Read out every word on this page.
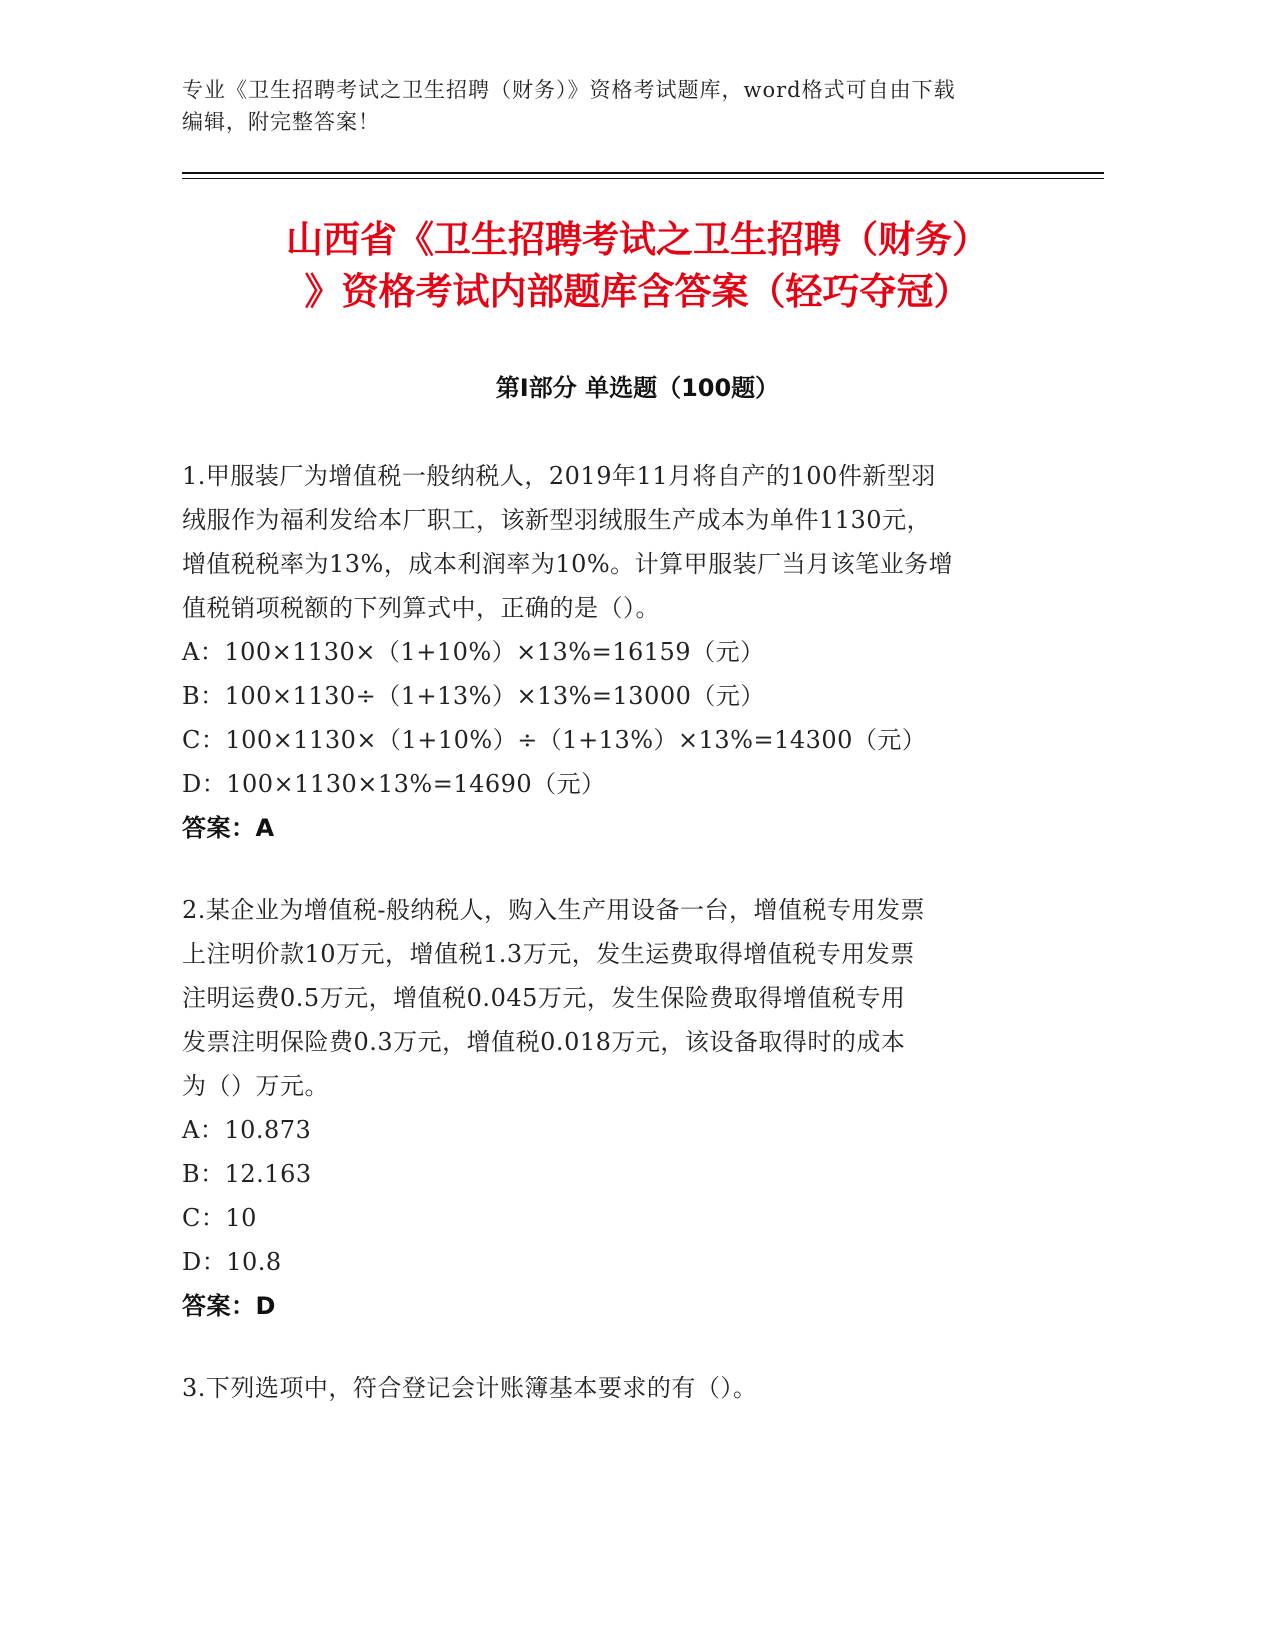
专业《卫生招聘考试之卫生招聘（财务）》资格考试题库，word格式可自由下载
编辑，附完整答案！
山西省《卫生招聘考试之卫生招聘（财务）
》资格考试内部题库含答案（轻巧夺冠）
第Ⅰ部分 单选题（100题）
1.甲服装厂为增值税一般纳税人，2019年11月将自产的100件新型羽
绒服作为福利发给本厂职工，该新型羽绒服生产成本为单件1130元，
增值税税率为13%，成本利润率为10%。计算甲服装厂当月该笔业务增
值税销项税额的下列算式中，正确的是（）。
A：100×1130×（1+10%）×13%=16159（元）
B：100×1130÷（1+13%）×13%=13000（元）
C：100×1130×（1+10%）÷（1+13%）×13%=14300（元）
D：100×1130×13%=14690（元）
答案：A
2.某企业为增值税-般纳税人，购入生产用设备一台，增值税专用发票
上注明价款10万元，增值税1.3万元，发生运费取得增值税专用发票
注明运费0.5万元，增值税0.045万元，发生保险费取得增值税专用
发票注明保险费0.3万元，增值税0.018万元，该设备取得时的成本
为（）万元。
A：10.873
B：12.163
C：10
D：10.8
答案：D
3.下列选项中，符合登记会计账簿基本要求的有（）。
